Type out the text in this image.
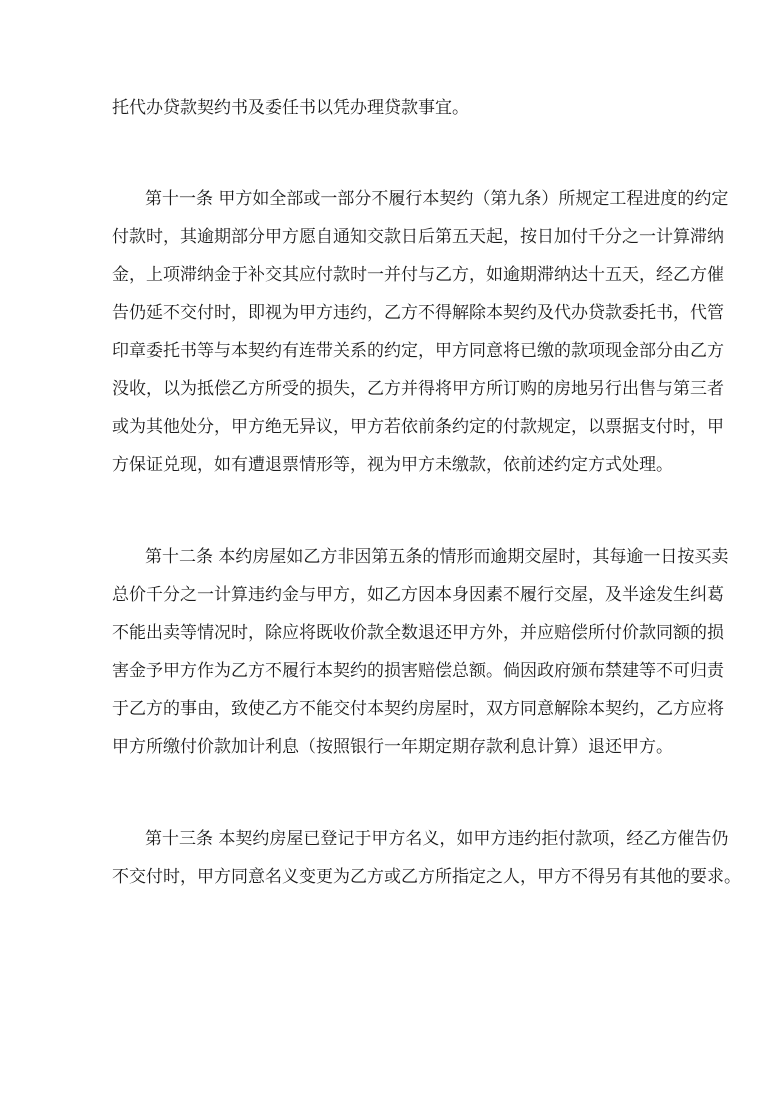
托代办贷款契约书及委任书以凭办理贷款事宜。
第十一条 甲方如全部或一部分不履行本契约（第九条）所规定工程进度的约定
付款时，其逾期部分甲方愿自通知交款日后第五天起，按日加付千分之一计算滞纳
金，上项滞纳金于补交其应付款时一并付与乙方，如逾期滞纳达十五天，经乙方催
告仍延不交付时，即视为甲方违约，乙方不得解除本契约及代办贷款委托书，代管
印章委托书等与本契约有连带关系的约定，甲方同意将已缴的款项现金部分由乙方
没收，以为抵偿乙方所受的损失，乙方并得将甲方所订购的房地另行出售与第三者
或为其他处分，甲方绝无异议，甲方若依前条约定的付款规定，以票据支付时，甲
方保证兑现，如有遭退票情形等，视为甲方未缴款，依前述约定方式处理。
第十二条 本约房屋如乙方非因第五条的情形而逾期交屋时，其每逾一日按买卖
总价千分之一计算违约金与甲方，如乙方因本身因素不履行交屋，及半途发生纠葛
不能出卖等情况时，除应将既收价款全数退还甲方外，并应赔偿所付价款同额的损
害金予甲方作为乙方不履行本契约的损害赔偿总额。倘因政府颁布禁建等不可归责
于乙方的事由，致使乙方不能交付本契约房屋时，双方同意解除本契约，乙方应将
甲方所缴付价款加计利息（按照银行一年期定期存款利息计算）退还甲方。
第十三条 本契约房屋已登记于甲方名义，如甲方违约拒付款项，经乙方催告仍
不交付时，甲方同意名义变更为乙方或乙方所指定之人，甲方不得另有其他的要求。
